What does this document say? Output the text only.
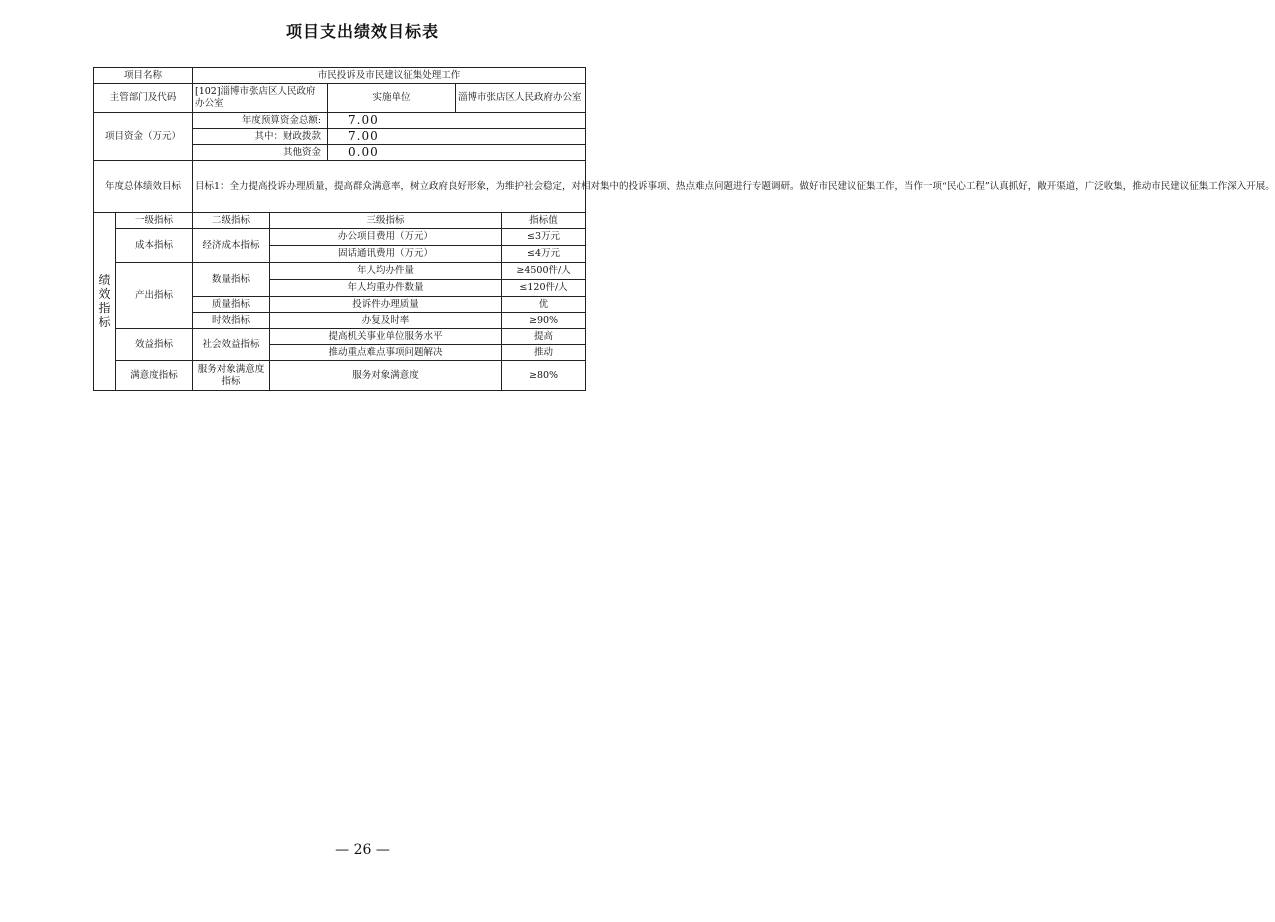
项目支出绩效目标表
项目名称		市民投诉及市民建议征集处理工作				
主管部门及代码		[102]淄博市张店区人民政府办公室		实施单位	淄博市张店区人民政府办公室	
项目资金（万元）		年度预算资金总额:		7.00		
		其中：财政拨款		7.00		
		其他资金		0.00		
年度总体绩效目标		目标1：全力提高投诉办理质量，提高群众满意率，树立政府良好形象，为维护社会稳定，对相对集中的投诉事项、热点难点问题进行专题调研。做好市民建议征集工作，当作一项“民心工程”认真抓好，敞开渠道，广泛收集，推动市民建议征集工作深入开展。				
绩效指标	一级指标	二级指标	三级指标			指标值
	成本指标	经济成本指标	办公项目费用（万元）			≤3万元
			固话通讯费用（万元）			≤4万元
	产出指标	数量指标	年人均办件量			≥4500件/人
			年人均重办件数量			≤120件/人
		质量指标	投诉件办理质量			优
		时效指标	办复及时率			≥90%
	效益指标	社会效益指标	提高机关事业单位服务水平			提高
			推动重点难点事项问题解决			推动
	满意度指标	服务对象满意度指标	服务对象满意度			≥80%
— 26 —
